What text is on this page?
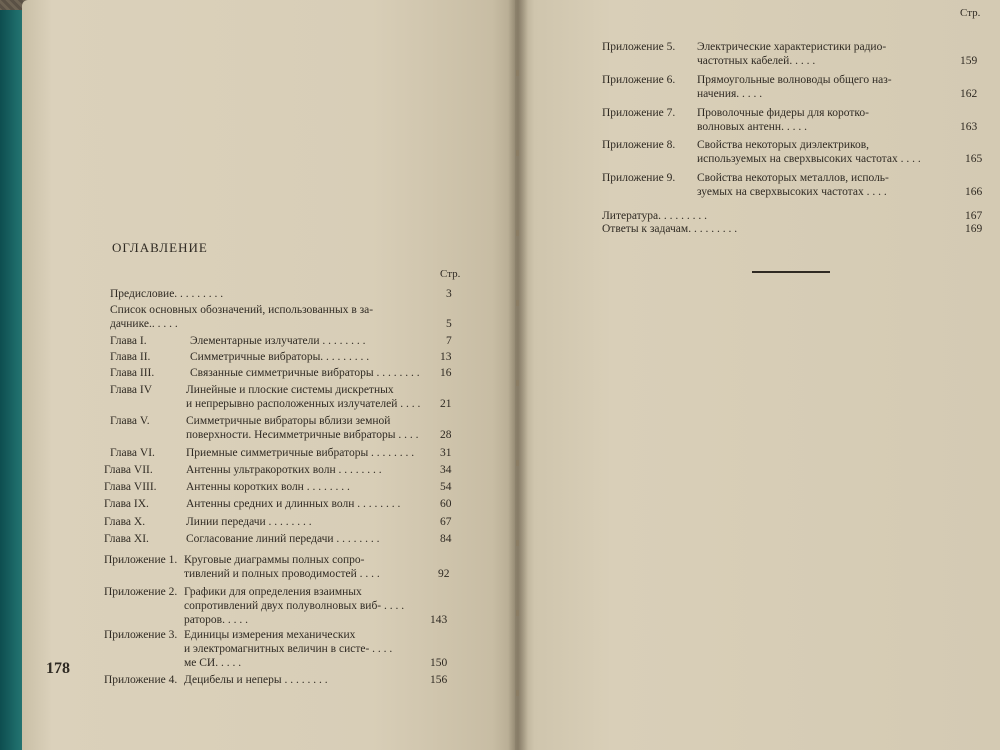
ОГЛАВЛЕНИЕ
Стр.
Предисловие. . . . . . . . .	3
Список основных обозначений, использованных в за-
дачнике.. . . . .	5
Глава I.	Элементарные излучатели . . . . . . . .	7
Глава II.	Симметричные вибраторы. . . . . . . . .	13
Глава III.	Связанные симметричные вибраторы . . . . . . . . 16
Глава IV	Линейные и плоские системы дискретных
и непрерывно расположенных излучателей . . . . 21
Глава V.	Симметричные вибраторы вблизи земной
поверхности. Несимметричные вибраторы . . . . 28
Глава VI.	Приемные симметричные вибраторы . . . . . . . . 31
Глава VII.	Антенны ультракоротких волн . . . . . . . .	34
Глава VIII.	Антенны коротких волн . . . . . . . .	54
Глава IX.	Антенны средних и длинных волн . . . . . . . .	60
Глава X.	Линии передачи . . . . . . . .	67
Глава XI.	Согласование линий передачи . . . . . . . .	84
Приложение 1. Круговые диаграммы полных сопро-
тивлений и полных проводимостей . . . .	92
Приложение 2. Графики для определения взаимных
сопротивлений двух полуволновых виб- . . . .
раторов. . . . .	143
Приложение 3. Единицы измерения механических
и электромагнитных величин в систе- . . . .
ме СИ. . . . .	150
Приложение 4. Децибелы и неперы . . . . . . . .	156
178
Стр.
Приложение 5. Электрические характеристики радио-
частотных кабелей. . . . .	159
Приложение 6. Прямоугольные волноводы общего наз-
начения. . . . .	162
Приложение 7. Проволочные фидеры для коротко-
волновых антенн. . . . .	163
Приложение 8. Свойства некоторых диэлектриков,
используемых на сверхвысоких частотах . . . .	165
Приложение 9. Свойства некоторых металлов, исполь-
зуемых на сверхвысоких частотах . . . .	166
Литература. . . . . . . . .	167
Ответы к задачам. . . . . . . . .	169
